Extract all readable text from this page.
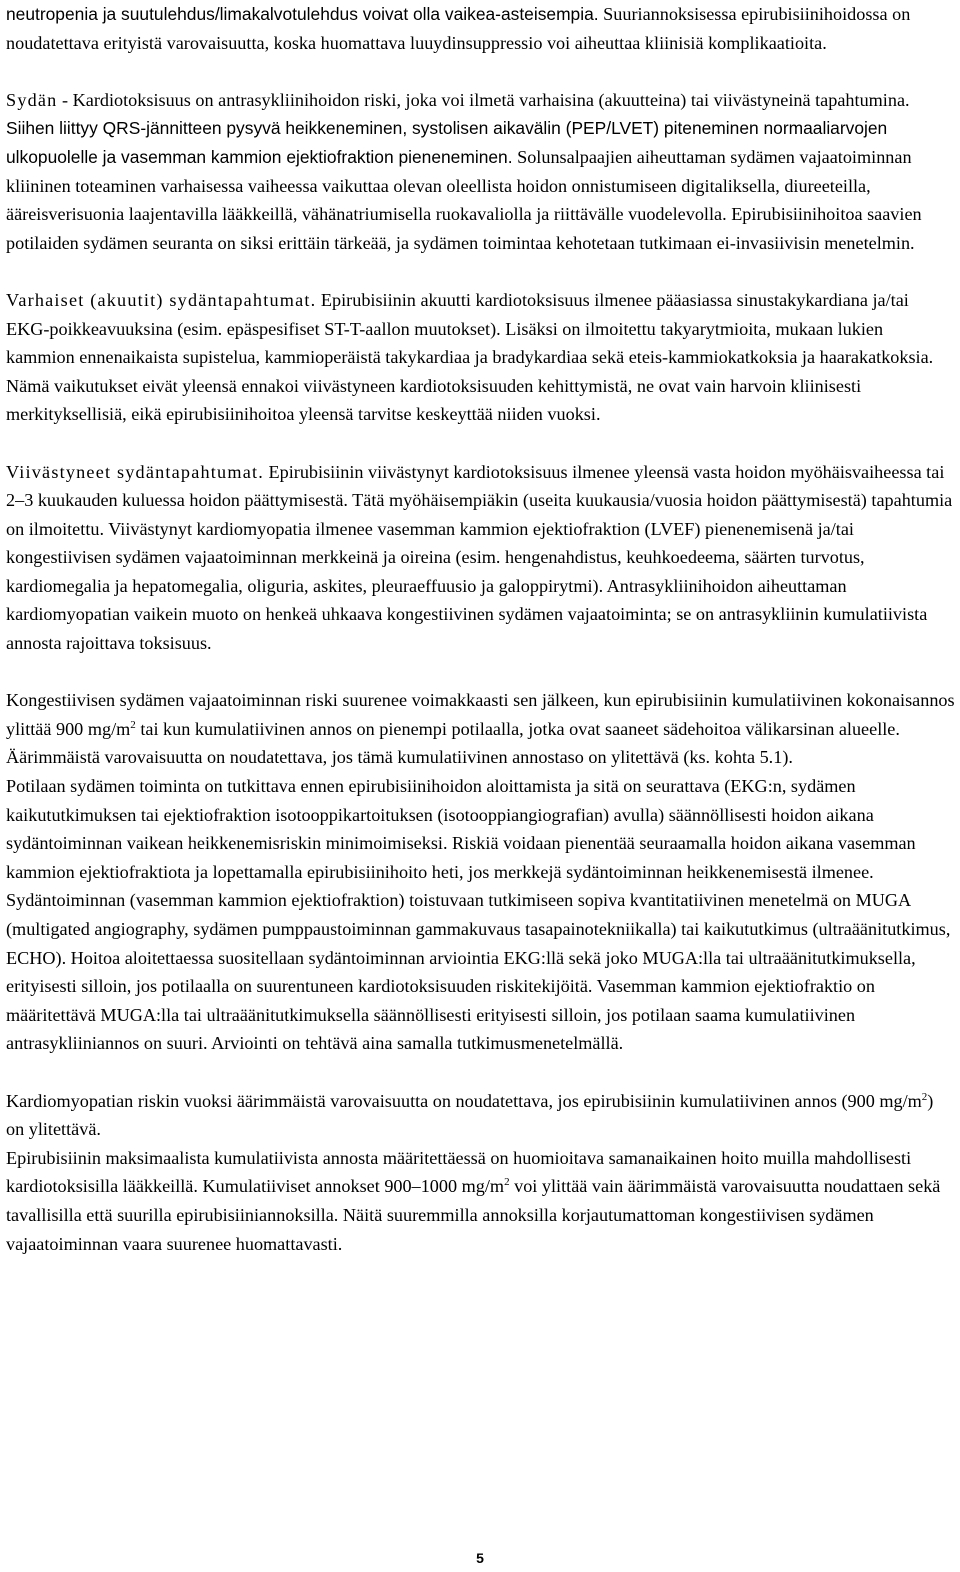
neutropenia ja suutulehdus/limakalvotulehdus voivat olla vaikea-asteisempia. Suuriannoksisessa epirubisiinihoidossa on noudatettava erityistä varovaisuutta, koska huomattava luuydinsuppressio voi aiheuttaa kliinisiä komplikaatioita.

Sydän - Kardiotoksisuus on antrasykliinihoidon riski, joka voi ilmetä varhaisina (akuutteina) tai viivästyneinä tapahtumina.

Siihen liittyy QRS-jännitteen pysyvä heikkeneminen, systolisen aikavälin (PEP/LVET) piteneminen normaaliarvojen ulkopuolelle ja vasemman kammion ejektiofraktion pieneneminen. Solunsalpaajien aiheuttaman sydämen vajaatoiminnan kliininen toteaminen varhaisessa vaiheessa vaikuttaa olevan oleellista hoidon onnistumiseen digitaliksella, diureeteilla, ääreisverisuonia laajentavilla lääkkeillä, vähänatriumisella ruokavaliolla ja riittävälle vuodelevolla. Epirubisiinihoitoa saavien potilaiden sydämen seuranta on siksi erittäin tärkeää, ja sydämen toimintaa kehotetaan tutkimaan ei-invasiivisin menetelmin.

Varhaiset (akuutit) sydäntapahtumat. Epirubisiinin akuutti kardiotoksisuus ilmenee pääasiassa sinustakykardiana ja/tai EKG-poikkeavuuksina (esim. epäspesifiset ST-T-aallon muutokset). Lisäksi on ilmoitettu takyarytmioita, mukaan lukien kammion ennenaikaista supistelua, kammioperäistä takykardiaa ja bradykardiaa sekä eteis-kammiokatkoksia ja haarakatkoksia. Nämä vaikutukset eivät yleensä ennakoi viivästyneen kardiotoksisuuden kehittymistä, ne ovat vain harvoin kliinisesti merkityksellisiä, eikä epirubisiinihoitoa yleensä tarvitse keskeyttää niiden vuoksi.

Viivästyneet sydäntapahtumat. Epirubisiinin viivästynyt kardiotoksisuus ilmenee yleensä vasta hoidon myöhäisvaiheessa tai 2–3 kuukauden kuluessa hoidon päättymisestä. Tätä myöhäisempiäkin (useita kuukausia/vuosia hoidon päättymisestä) tapahtumia on ilmoitettu. Viivästynyt kardiomyopatia ilmenee vasemman kammion ejektiofraktion (LVEF) pienenemisenä ja/tai kongestiivisen sydämen vajaatoiminnan merkkeinä ja oireina (esim. hengenahdistus, keuhkoedeema, säärten turvotus, kardiomegalia ja hepatomegalia, oliguria, askites, pleuraeffuusio ja galoppirytmi). Antrasykliinihoidon aiheuttaman kardiomyopatian vaikein muoto on henkeä uhkaava kongestiivinen sydämen vajaatoiminta; se on antrasykliinin kumulatiivista annosta rajoittava toksisuus.

Kongestiivisen sydämen vajaatoiminnan riski suurenee voimakkaasti sen jälkeen, kun epirubisiinin kumulatiivinen kokonaisannos ylittää 900 $mg/m^2$ tai kun kumulatiivinen annos on pienempi potilaalla, jotka ovat saaneet sädehoitoa välikarsinan alueelle. Äärimmäistä varovaisuutta on noudatettava, jos tämä kumulatiivinen annostaso on ylitettävä (ks. kohta 5.1).

Potilaan sydämen toiminta on tutkittava ennen epirubisiinihoidon aloittamista ja sitä on seurattava (EKG:n, sydämen kaikututkimuksen tai ejektiofraktion isotooppikartoituksen (isotooppiangiografian) avulla) säännöllisesti hoidon aikana sydäntoiminnan vaikean heikkenemisriskin minimoimiseksi. Riskiä voidaan pienentää seuraamalla hoidon aikana vasemman kammion ejektiofraktiota ja lopettamalla epirubisiinihoito heti, jos merkkejä sydäntoiminnan heikkenemisestä ilmenee. Sydäntoiminnan (vasemman kammion ejektiofraktion) toistuvaan tutkimiseen sopiva kvantitatiivinen menetelmä on MUGA (multigated angiography, sydämen pumppaustoiminnan gammakuvaus tasapainotekniikalla) tai kaikututkimus (ultraäänitutkimus, ECHO). Hoitoa aloitettaessa suositellaan sydäntoiminnan arviointia EKG:llä sekä joko MUGA:lla tai ultraäänitutkimuksella, erityisesti silloin, jos potilaalla on suurentuneen kardiotoksisuuden riskitekijöitä. Vasemman kammion ejektiofraktio on määritettävä MUGA:lla tai ultraäänitutkimuksella säännöllisesti erityisesti silloin, jos potilaan saama kumulatiivinen antrasykliiniannos on suuri. Arviointi on tehtävä aina samalla tutkimusmenetelmällä.

Kardiomyopatian riskin vuoksi äärimmäistä varovaisuutta on noudatettava, jos epirubisiinin kumulatiivinen annos (900 $mg/m^2$) on ylitettävä.

Epirubisiinin maksimaalista kumulatiivista annosta määritettäessä on huomioitava samanaikainen hoito muilla mahdollisesti kardiotoksisilla lääkkeillä. Kumulatiiviset annokset 900–1000 $mg/m^2$ voi ylittää vain äärimmäistä varovaisuutta noudattaen sekä tavallisilla että suurilla epirubisiiniannoksilla. Näitä suuremmilla annoksilla korjautumattoman kongestiivisen sydämen vajaatoiminnan vaara suurenee huomattavasti.

5
